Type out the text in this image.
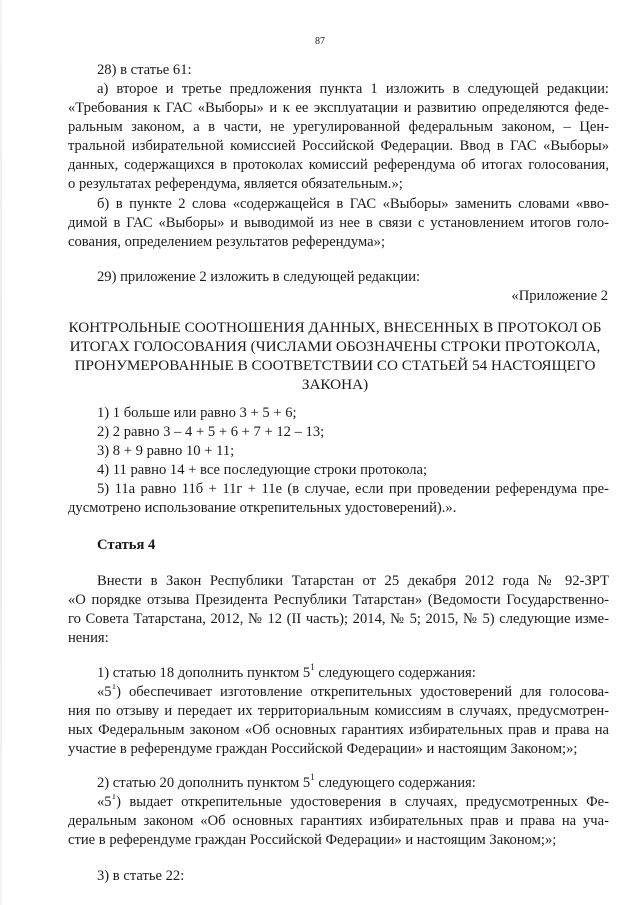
87
28) в статье 61:
а) второе и третье предложения пункта 1 изложить в следующей редакции:
«Требования к ГАС «Выборы» и к ее эксплуатации и развитию определяются феде-
ральным законом, а в части, не урегулированной федеральным законом, – Цен-
тральной избирательной комиссией Российской Федерации. Ввод в ГАС «Выборы»
данных, содержащихся в протоколах комиссий референдума об итогах голосования,
о результатах референдума, является обязательным.»;
б) в пункте 2 слова «содержащейся в ГАС «Выборы» заменить словами «вво-
димой в ГАС «Выборы» и выводимой из нее в связи с установлением итогов голо-
сования, определением результатов референдума»;
29) приложение 2 изложить в следующей редакции:
«Приложение 2
КОНТРОЛЬНЫЕ СООТНОШЕНИЯ ДАННЫХ, ВНЕСЕННЫХ В ПРОТОКОЛ ОБ
ИТОГАХ ГОЛОСОВАНИЯ (ЧИСЛАМИ ОБОЗНАЧЕНЫ СТРОКИ ПРОТОКОЛА,
ПРОНУМЕРОВАННЫЕ В СООТВЕТСТВИИ СО СТАТЬЕЙ 54 НАСТОЯЩЕГО
ЗАКОНА)
1) 1 больше или равно 3 + 5 + 6;
2) 2 равно 3 – 4 + 5 + 6 + 7 + 12 – 13;
3) 8 + 9 равно 10 + 11;
4) 11 равно 14 + все последующие строки протокола;
5) 11а равно 11б + 11г + 11е (в случае, если при проведении референдума пре-
дусмотрено использование открепительных удостоверений).».
Статья 4
Внести в Закон Республики Татарстан от 25 декабря 2012 года № 92-ЗРТ
«О порядке отзыва Президента Республики Татарстан» (Ведомости Государственно-
го Совета Татарстана, 2012, № 12 (II часть); 2014, № 5; 2015, № 5) следующие изме-
нения:
1) статью 18 дополнить пунктом $5^1$ следующего содержания:
«$5^1$) обеспечивает изготовление открепительных удостоверений для голосова-
ния по отзыву и передает их территориальным комиссиям в случаях, предусмотрен-
ных Федеральным законом «Об основных гарантиях избирательных прав и права на
участие в референдуме граждан Российской Федерации» и настоящим Законом;»;
2) статью 20 дополнить пунктом $5^1$ следующего содержания:
«$5^1$) выдает открепительные удостоверения в случаях, предусмотренных Фе-
деральным законом «Об основных гарантиях избирательных прав и права на уча-
стие в референдуме граждан Российской Федерации» и настоящим Законом;»;
3) в статье 22:
